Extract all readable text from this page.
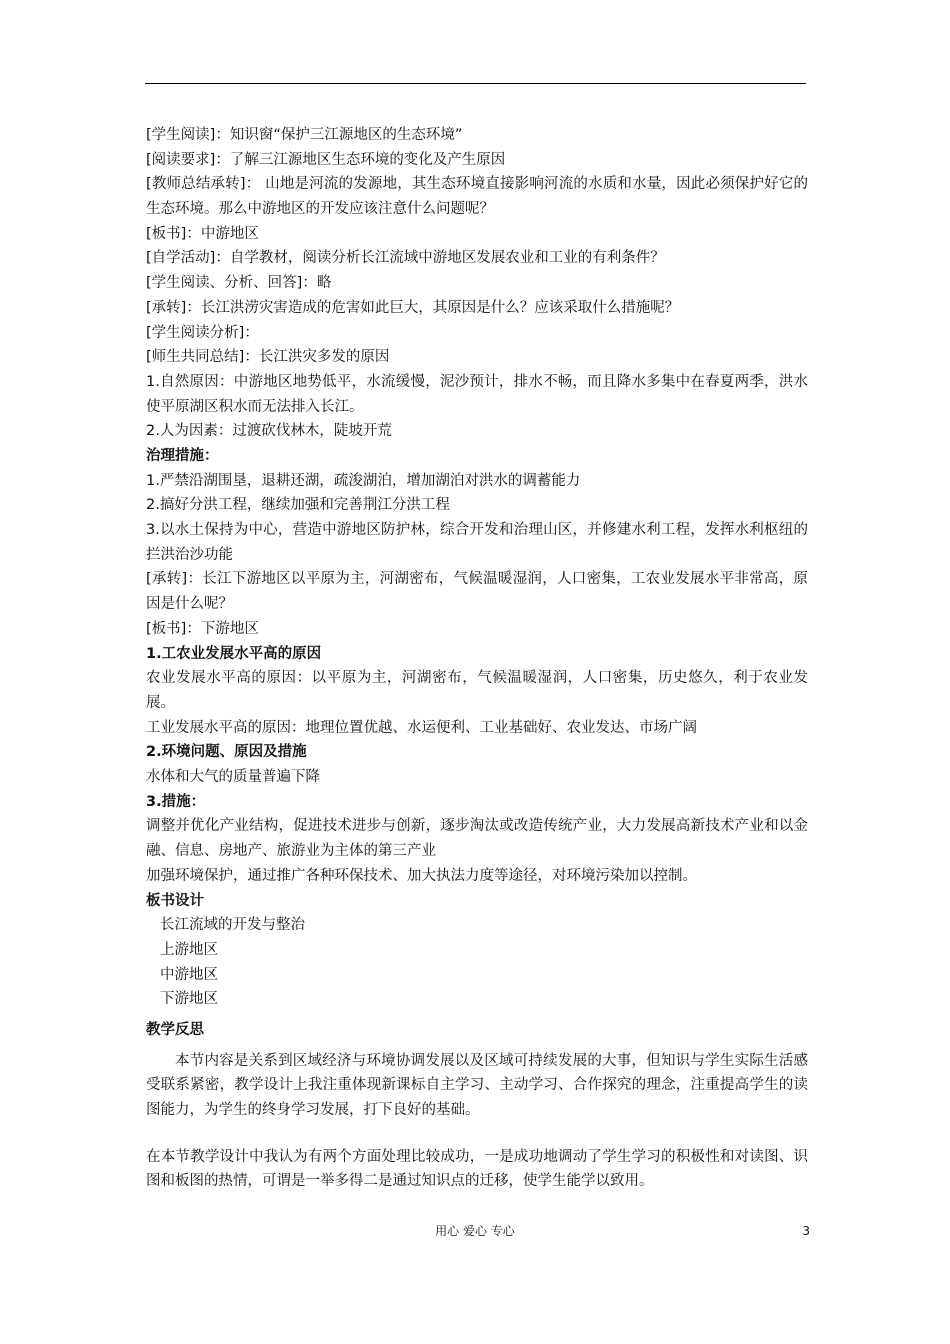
[学生阅读]：知识窗“保护三江源地区的生态环境”
[阅读要求]：了解三江源地区生态环境的变化及产生原因
[教师总结承转]： 山地是河流的发源地，其生态环境直接影响河流的水质和水量，因此必须保护好它的生态环境。那么中游地区的开发应该注意什么问题呢？
[板书]：中游地区
[自学活动]：自学教材，阅读分析长江流域中游地区发展农业和工业的有利条件？
[学生阅读、分析、回答]：略
[承转]：长江洪涝灾害造成的危害如此巨大，其原因是什么？应该采取什么措施呢？
[学生阅读分析]：
[师生共同总结]：长江洪灾多发的原因
1.自然原因：中游地区地势低平，水流缓慢，泥沙预计，排水不畅，而且降水多集中在春夏两季，洪水使平原湖区积水而无法排入长江。
2.人为因素：过渡砍伐林木，陡坡开荒
治理措施：
1.严禁沿湖围垦，退耕还湖，疏浚湖泊，增加湖泊对洪水的调蓄能力
2.搞好分洪工程，继续加强和完善荆江分洪工程
3.以水土保持为中心，营造中游地区防护林，综合开发和治理山区，并修建水利工程，发挥水利枢纽的拦洪治沙功能
[承转]：长江下游地区以平原为主，河湖密布，气候温暖湿润，人口密集，工农业发展水平非常高，原因是什么呢？
[板书]：下游地区
1.工农业发展水平高的原因
农业发展水平高的原因：以平原为主，河湖密布，气候温暖湿润，人口密集，历史悠久，利于农业发展。
工业发展水平高的原因：地理位置优越、水运便利、工业基础好、农业发达、市场广阔
2.环境问题、原因及措施
水体和大气的质量普遍下降
3.措施：
调整并优化产业结构，促进技术进步与创新，逐步淘汰或改造传统产业，大力发展高新技术产业和以金融、信息、房地产、旅游业为主体的第三产业
加强环境保护，通过推广各种环保技术、加大执法力度等途径，对环境污染加以控制。
板书设计
长江流域的开发与整治
上游地区
中游地区
下游地区
教学反思
本节内容是关系到区域经济与环境协调发展以及区域可持续发展的大事，但知识与学生实际生活感受联系紧密，教学设计上我注重体现新课标自主学习、主动学习、合作探究的理念，注重提高学生的读图能力，为学生的终身学习发展，打下良好的基础。
在本节教学设计中我认为有两个方面处理比较成功，一是成功地调动了学生学习的积极性和对读图、识图和板图的热情，可谓是一举多得二是通过知识点的迁移，使学生能学以致用。
用心 爱心 专心	3
